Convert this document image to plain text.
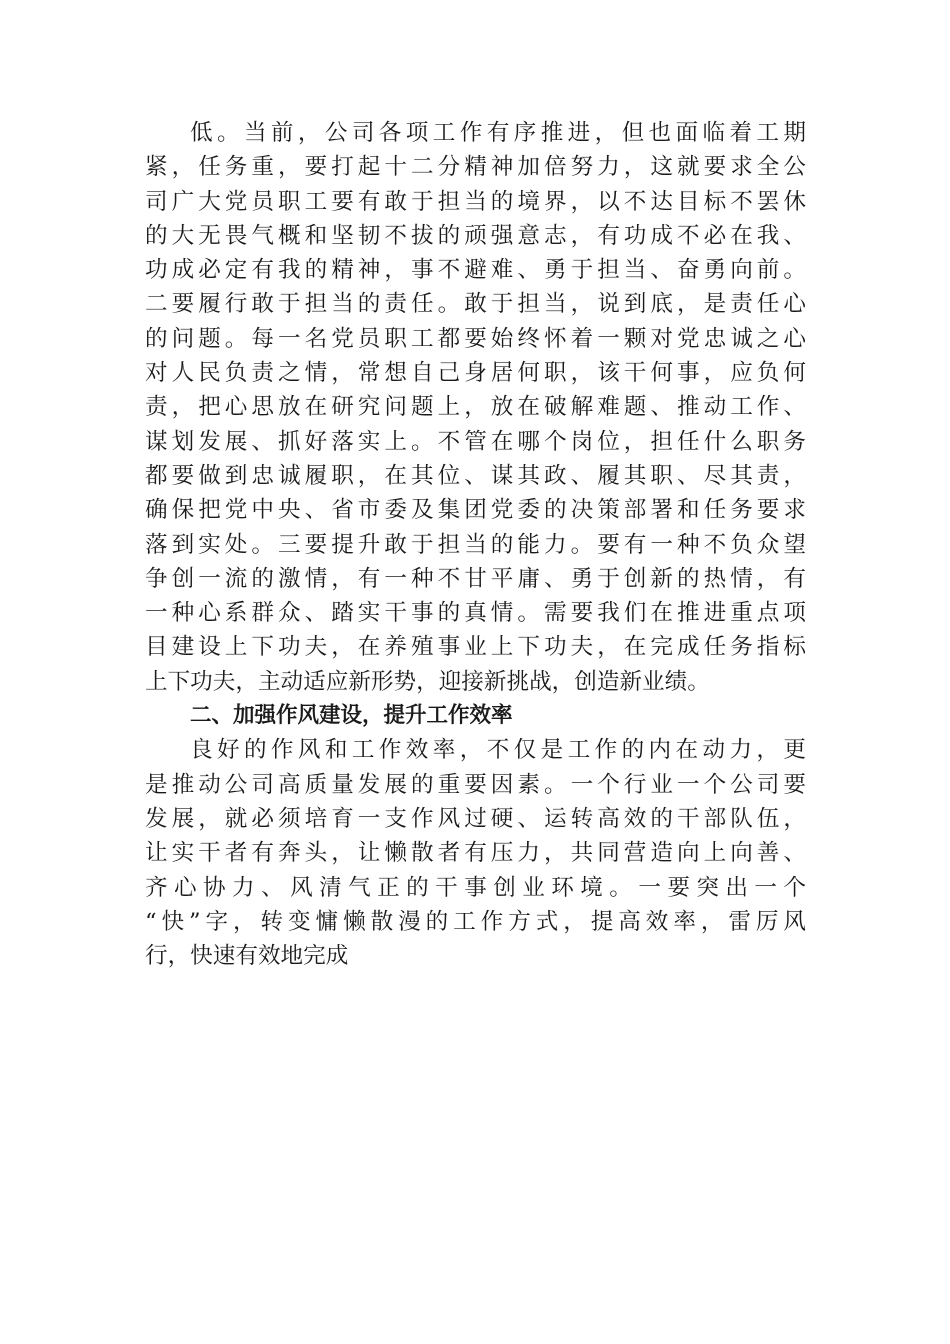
低。当前，公司各项工作有序推进，但也面临着工期
紧，任务重，要打起十二分精神加倍努力，这就要求全公
司广大党员职工要有敢于担当的境界，以不达目标不罢休
的大无畏气概和坚韧不拔的顽强意志，有功成不必在我、
功成必定有我的精神，事不避难、勇于担当、奋勇向前。
二要履行敢于担当的责任。敢于担当，说到底，是责任心
的问题。每一名党员职工都要始终怀着一颗对党忠诚之心
对人民负责之情，常想自己身居何职，该干何事，应负何
责，把心思放在研究问题上，放在破解难题、推动工作、
谋划发展、抓好落实上。不管在哪个岗位，担任什么职务
都要做到忠诚履职，在其位、谋其政、履其职、尽其责，
确保把党中央、省市委及集团党委的决策部署和任务要求
落到实处。三要提升敢于担当的能力。要有一种不负众望
争创一流的激情，有一种不甘平庸、勇于创新的热情，有
一种心系群众、踏实干事的真情。需要我们在推进重点项
目建设上下功夫，在养殖事业上下功夫，在完成任务指标
上下功夫，主动适应新形势，迎接新挑战，创造新业绩。
二、加强作风建设，提升工作效率
良好的作风和工作效率，不仅是工作的内在动力，更
是推动公司高质量发展的重要因素。一个行业一个公司要
发展，就必须培育一支作风过硬、运转高效的干部队伍，
让实干者有奔头，让懒散者有压力，共同营造向上向善、
齐心协力、风清气正的干事创业环境。一要突出一个
“快”字，转变慵懒散漫的工作方式，提高效率，雷厉风
行，快速有效地完成
